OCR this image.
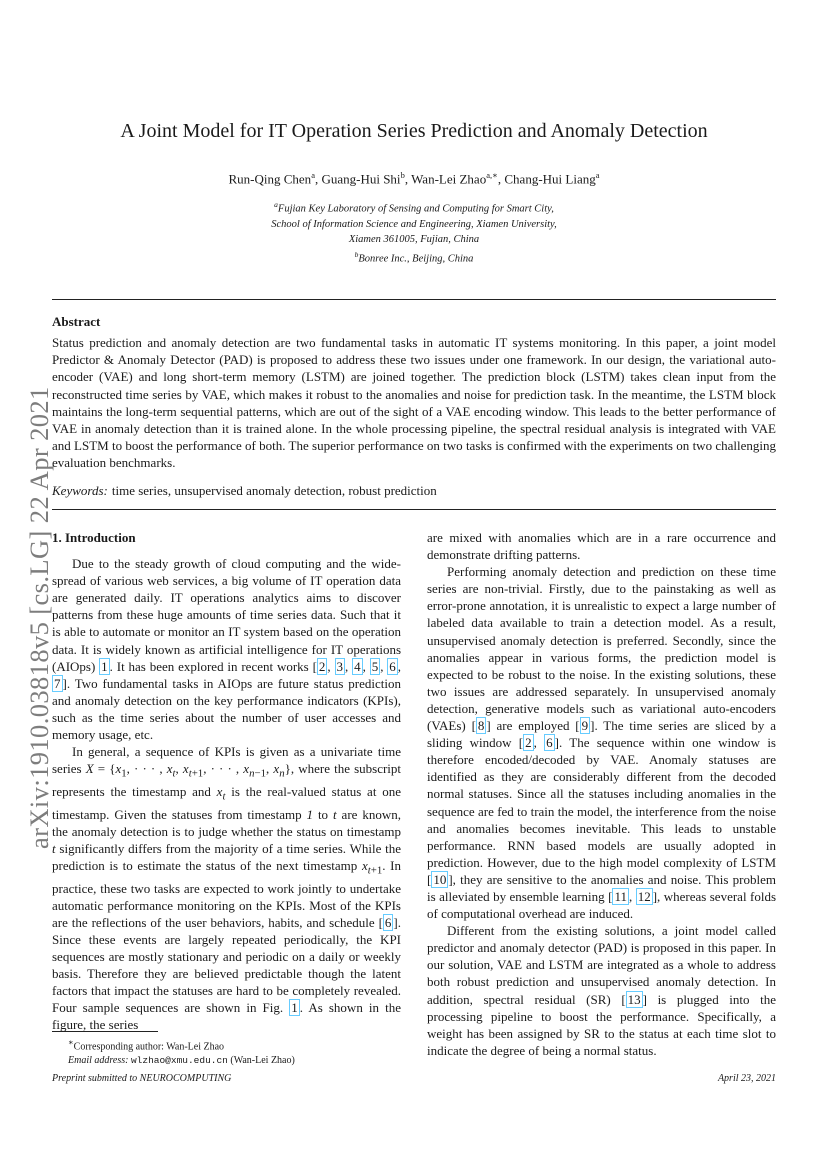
arXiv:1910.03818v5 [cs.LG] 22 Apr 2021
A Joint Model for IT Operation Series Prediction and Anomaly Detection
Run-Qing Chen$^a$, Guang-Hui Shi$^b$, Wan-Lei Zhao$^{a,∗}$, Chang-Hui Liang$^a$
$^a$Fujian Key Laboratory of Sensing and Computing for Smart City,
School of Information Science and Engineering, Xiamen University,
Xiamen 361005, Fujian, China
$^b$Bonree Inc., Beijing, China
Abstract

Status prediction and anomaly detection are two fundamental tasks in automatic IT systems monitoring. In this paper, a joint model Predictor & Anomaly Detector (PAD) is proposed to address these two issues under one framework. In our design, the variational auto-encoder (VAE) and long short-term memory (LSTM) are joined together. The prediction block (LSTM) takes clean input from the reconstructed time series by VAE, which makes it robust to the anomalies and noise for prediction task. In the meantime, the LSTM block maintains the long-term sequential patterns, which are out of the sight of a VAE encoding window. This leads to the better performance of VAE in anomaly detection than it is trained alone. In the whole processing pipeline, the spectral residual analysis is integrated with VAE and LSTM to boost the performance of both. The superior performance on two tasks is confirmed with the experiments on two challenging evaluation benchmarks.

Keywords: time series, unsupervised anomaly detection, robust prediction
1. Introduction

Due to the steady growth of cloud computing and the wide-spread of various web services, a big volume of IT operation data are generated daily. IT operations analytics aims to discover patterns from these huge amounts of time series data. Such that it is able to automate or monitor an IT system based on the operation data. It is widely known as artificial intelligence for IT operations (AIOps) 1 . It has been explored in recent works [ 2 , 3 , 4 , 5 , 6 , 7 ]. Two fundamental tasks in AIOps are future status prediction and anomaly detection on the key performance indicators (KPIs), such as the time series about the number of user accesses and memory usage, etc.

In general, a sequence of KPIs is given as a univariate time series $X = \{x_1$, · · · , $x_t$, $x_{t+1}$, · · · , $x_{n-1}$, $x_n$}, where the subscript represents the timestamp and $x_t$ is the real-valued status at one timestamp. Given the statuses from timestamp 1 to t are known, the anomaly detection is to judge whether the status on timestamp t significantly differs from the majority of a time series. While the prediction is to estimate the status of the next timestamp $x_{t+1}$. In practice, these two tasks are expected to work jointly to undertake automatic performance monitoring on the KPIs. Most of the KPIs are the reflections of the user behaviors, habits, and schedule [ 6 ]. Since these events are largely repeated periodically, the KPI sequences are mostly stationary and periodic on a daily or weekly basis. Therefore they are believed predictable though the latent factors that impact the statuses are hard to be completely revealed. Four sample sequences are shown in Fig. 1 . As shown in the figure, the series

are mixed with anomalies which are in a rare occurrence and demonstrate drifting patterns.

Performing anomaly detection and prediction on these time series are non-trivial. Firstly, due to the painstaking as well as error-prone annotation, it is unrealistic to expect a large number of labeled data available to train a detection model. As a result, unsupervised anomaly detection is preferred. Secondly, since the anomalies appear in various forms, the prediction model is expected to be robust to the noise. In the existing solutions, these two issues are addressed separately. In unsupervised anomaly detection, generative models such as variational auto-encoders (VAEs) [ 8 ] are employed [ 9 ]. The time series are sliced by a sliding window [ 2 , 6 ]. The sequence within one window is therefore encoded/decoded by VAE. Anomaly statuses are identified as they are considerably different from the decoded normal statuses. Since all the statuses including anomalies in the sequence are fed to train the model, the interference from the noise and anomalies becomes inevitable. This leads to unstable performance. RNN based models are usually adopted in prediction. However, due to the high model complexity of LSTM [ 10 ], they are sensitive to the anomalies and noise. This problem is alleviated by ensemble learning [ 11 , 12 ], whereas several folds of computational overhead are induced.

Different from the existing solutions, a joint model called predictor and anomaly detector (PAD) is proposed in this paper. In our solution, VAE and LSTM are integrated as a whole to address both robust prediction and unsupervised anomaly detection. In addition, spectral residual (SR) [ 13 ] is plugged into the processing pipeline to boost the performance. Specifically, a weight has been assigned by SR to the status at each time slot to indicate the degree of being a normal status.

∗Corresponding author: Wan-Lei Zhao
Email address: wlzhao@xmu.edu.cn (Wan-Lei Zhao)
Preprint submitted to NEUROCOMPUTING	April 23, 2021
